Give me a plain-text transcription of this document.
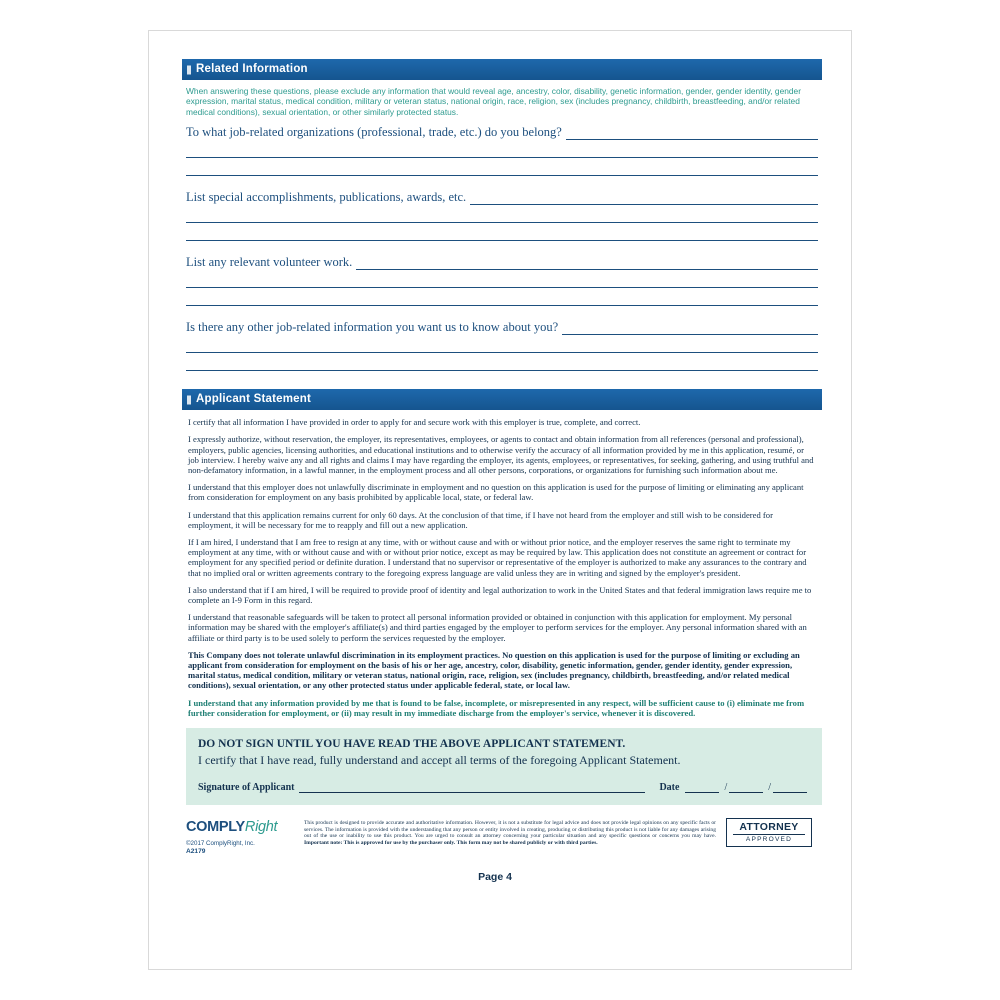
Related Information
When answering these questions, please exclude any information that would reveal age, ancestry, color, disability, genetic information, gender, gender identity, gender expression, marital status, medical condition, military or veteran status, national origin, race, religion, sex (includes pregnancy, childbirth, breastfeeding, and/or related medical conditions), sexual orientation, or other similarly protected status.
To what job-related organizations (professional, trade, etc.) do you belong?
List special accomplishments, publications, awards, etc.
List any relevant volunteer work.
Is there any other job-related information you want us to know about you?
Applicant Statement

I certify that all information I have provided in order to apply for and secure work with this employer is true, complete, and correct.

I expressly authorize, without reservation, the employer, its representatives, employees, or agents to contact and obtain information from all references (personal and professional), employers, public agencies, licensing authorities, and educational institutions and to otherwise verify the accuracy of all information provided by me in this application, resumé, or job interview. I hereby waive any and all rights and claims I may have regarding the employer, its agents, employees, or representatives, for seeking, gathering, and using truthful and non-defamatory information, in a lawful manner, in the employment process and all other persons, corporations, or organizations for furnishing such information about me.

I understand that this employer does not unlawfully discriminate in employment and no question on this application is used for the purpose of limiting or eliminating any applicant from consideration for employment on any basis prohibited by applicable local, state, or federal law.

I understand that this application remains current for only 60 days. At the conclusion of that time, if I have not heard from the employer and still wish to be considered for employment, it will be necessary for me to reapply and fill out a new application.

If I am hired, I understand that I am free to resign at any time, with or without cause and with or without prior notice, and the employer reserves the same right to terminate my employment at any time, with or without cause and with or without prior notice, except as may be required by law. This application does not constitute an agreement or contract for employment for any specified period or definite duration. I understand that no supervisor or representative of the employer is authorized to make any assurances to the contrary and that no implied oral or written agreements contrary to the foregoing express language are valid unless they are in writing and signed by the employer's president.

I also understand that if I am hired, I will be required to provide proof of identity and legal authorization to work in the United States and that federal immigration laws require me to complete an I-9 Form in this regard.

I understand that reasonable safeguards will be taken to protect all personal information provided or obtained in conjunction with this application for employment. My personal information may be shared with the employer's affiliate(s) and third parties engaged by the employer to perform services for the employer. Any personal information shared with an affiliate or third party is to be used solely to perform the services requested by the employer.

This Company does not tolerate unlawful discrimination in its employment practices. No question on this application is used for the purpose of limiting or excluding an applicant from consideration for employment on the basis of his or her age, ancestry, color, disability, genetic information, gender, gender identity, gender expression, marital status, medical condition, military or veteran status, national origin, race, religion, sex (includes pregnancy, childbirth, breastfeeding, and/or related medical conditions), sexual orientation, or any other protected status under applicable federal, state, or local law.

I understand that any information provided by me that is found to be false, incomplete, or misrepresented in any respect, will be sufficient cause to (i) eliminate me from further consideration for employment, or (ii) may result in my immediate discharge from the employer's service, whenever it is discovered.

DO NOT SIGN UNTIL YOU HAVE READ THE ABOVE APPLICANT STATEMENT.
I certify that I have read, fully understand and accept all terms of the foregoing Applicant Statement.
Signature of Applicant	Date	/	/
COMPLYRight
©2017 ComplyRight, Inc.
A2179
This product is designed to provide accurate and authoritative information. However, it is not a substitute for legal advice and does not provide legal opinions on any specific facts or services. The information is provided with the understanding that any person or entity involved in creating, producing or distributing this product is not liable for any damages arising out of the use or inability to use this product. You are urged to consult an attorney concerning your particular situation and any specific questions or concerns you may have. Important note: This is approved for use by the purchaser only. This form may not be shared publicly or with third parties.
ATTORNEY
APPROVED
Page 4
